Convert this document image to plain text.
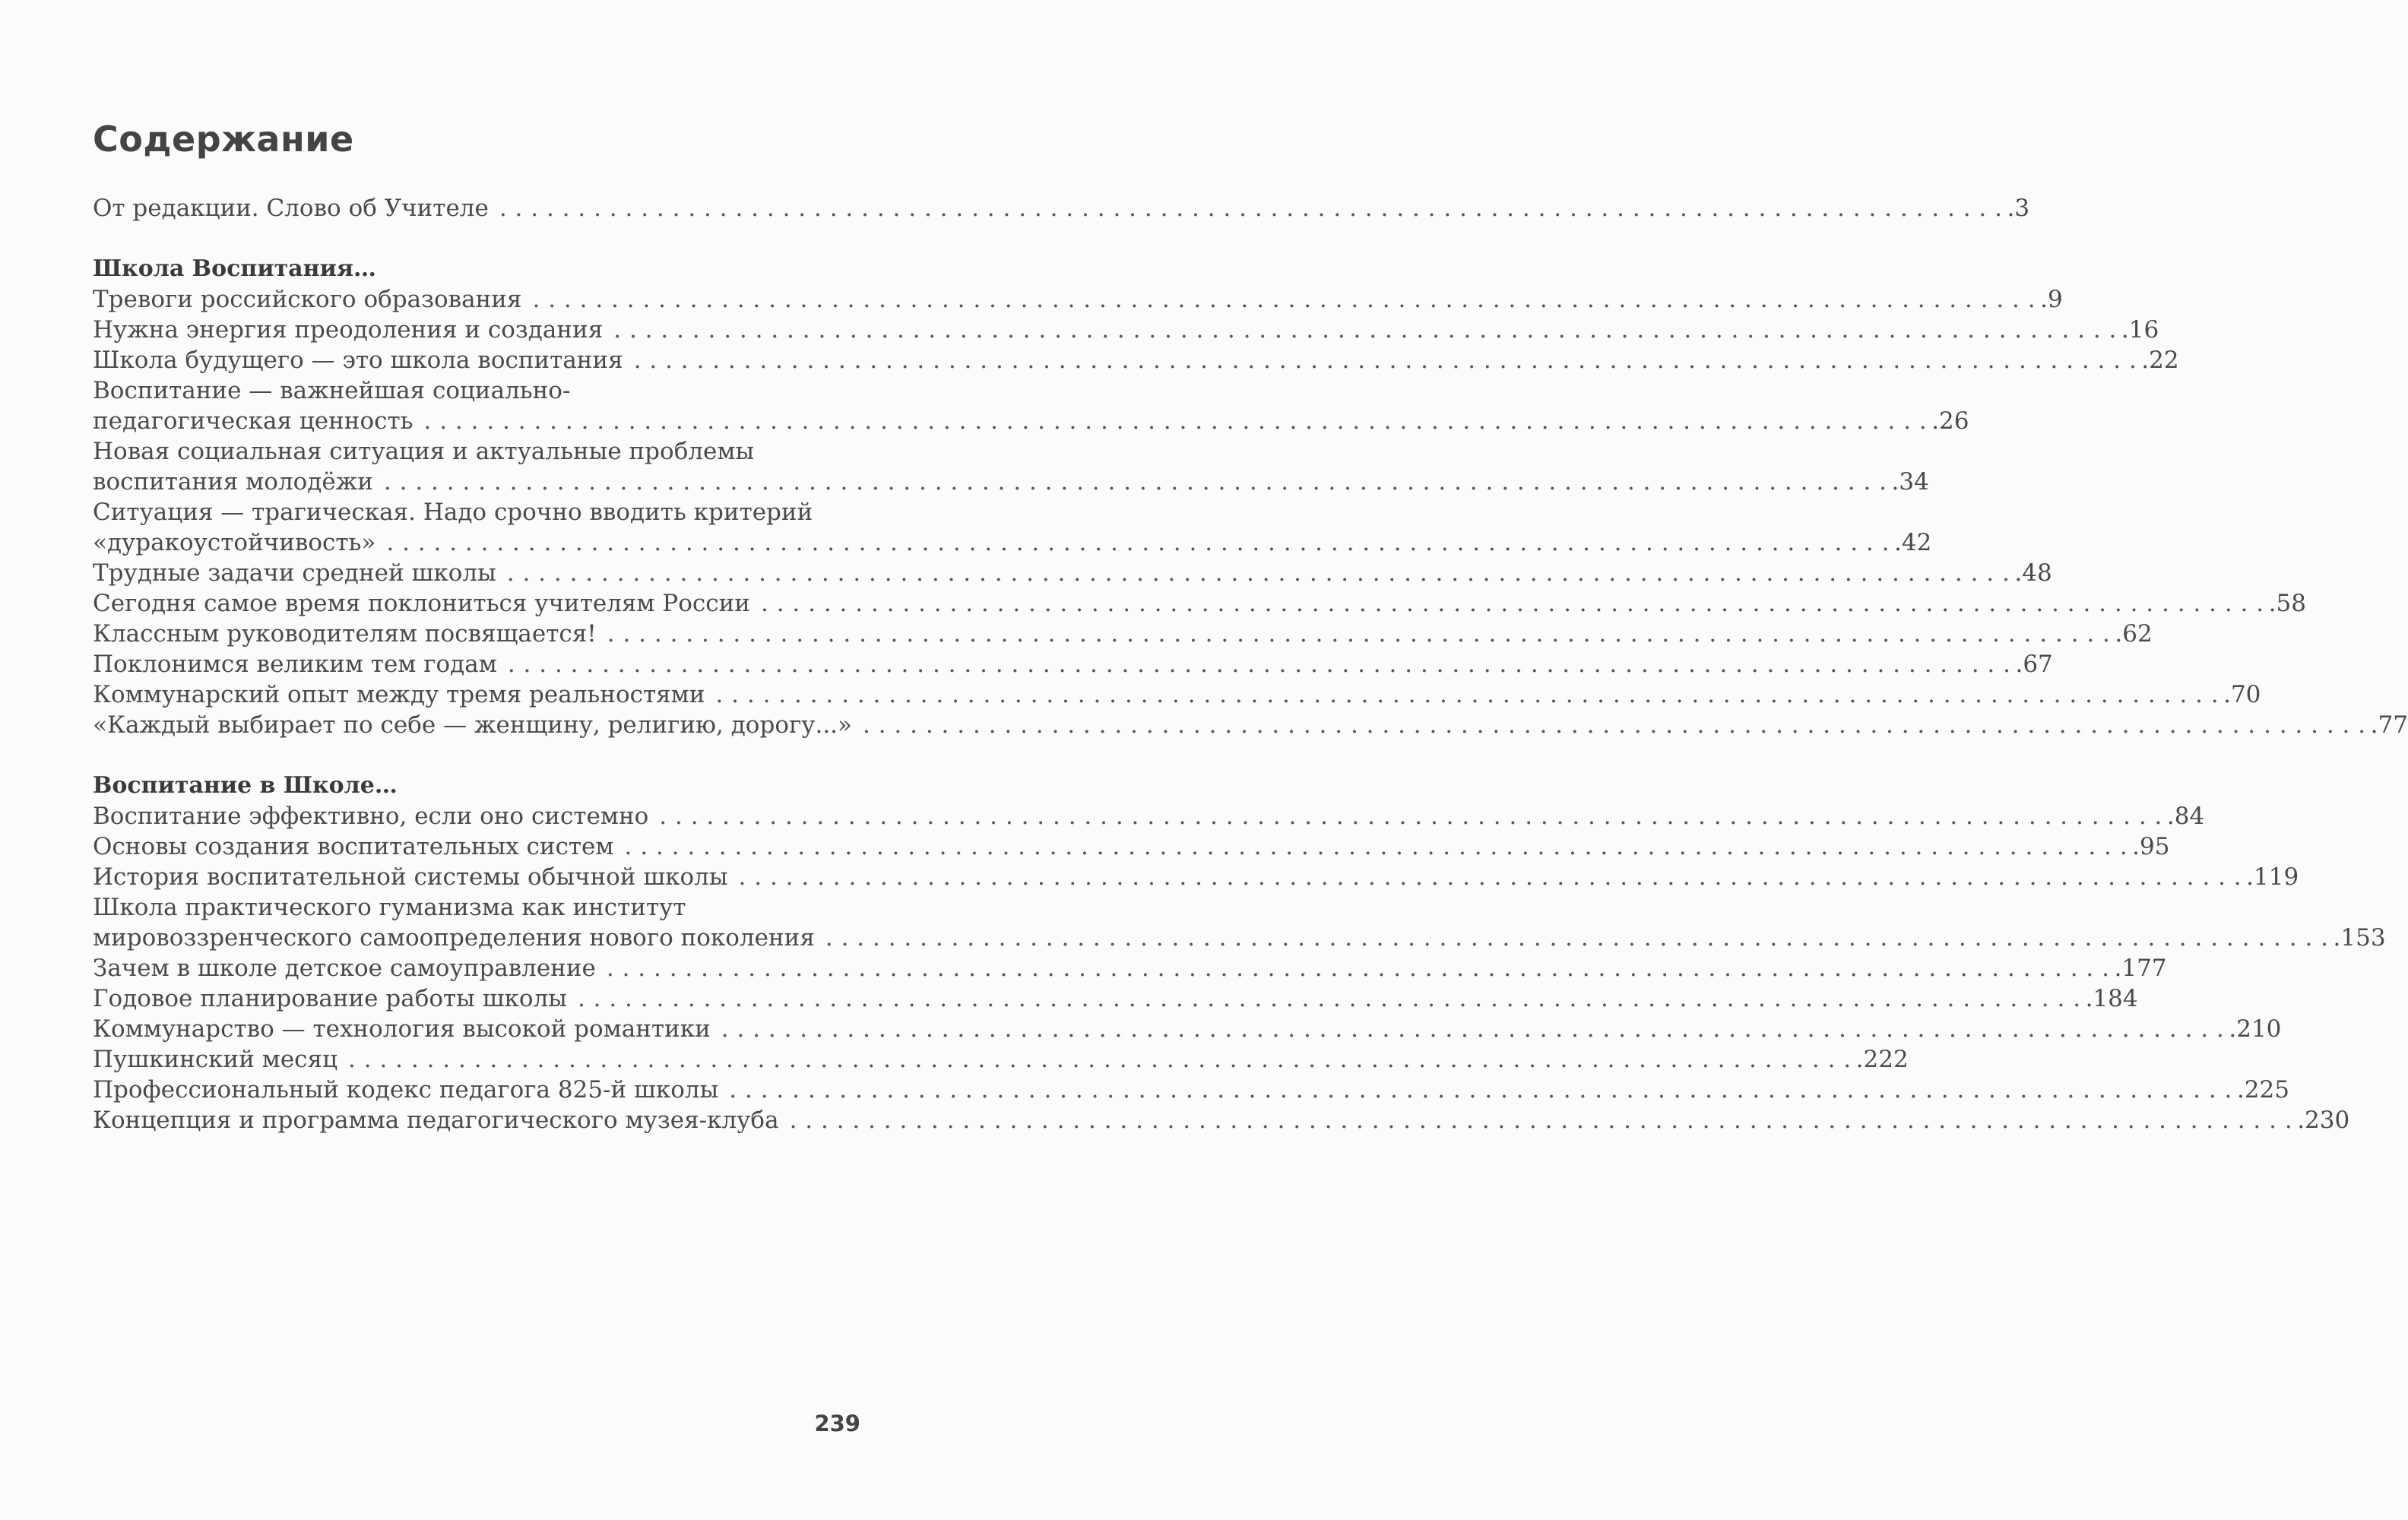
Содержание
От редакции. Слово об Учителе . . .	. 3
Школа Воспитания…
Тревоги российского образования . . .	. 9
Нужна энергия преодоления и создания . . .	. 16
Школа будущего — это школа воспитания . . .	. 22
Воспитание — важнейшая социально-
педагогическая ценность . . .	. 26
Новая социальная ситуация и актуальные проблемы
воспитания молодёжи . . .	. 34
Ситуация — трагическая. Надо срочно вводить критерий
«дуракоустойчивость» . . .	. 42
Трудные задачи средней школы . . .	. 48
Сегодня самое время поклониться учителям России . . .	. 58
Классным руководителям посвящается! . . .	. 62
Поклонимся великим тем годам . . .	. 67
Коммунарский опыт между тремя реальностями . . .	. 70
«Каждый выбирает по себе — женщину, религию, дорогу...» . . .	. 77
Воспитание в Школе…
Воспитание эффективно, если оно системно . . .	. 84
Основы создания воспитательных систем . . .	. 95
История воспитательной системы обычной школы . . .	. 119
Школа практического гуманизма как институт
мировоззренческого самоопределения нового поколения . . .	. 153
Зачем в школе детское самоуправление . . .	. 177
Годовое планирование работы школы . . .	. 184
Коммунарство — технология высокой романтики . . .	. 210
Пушкинский месяц . . .	. 222
Профессиональный кодекс педагога 825-й школы . . .	. 225
Концепция и программа педагогического музея-клуба . . .	. 230
239
